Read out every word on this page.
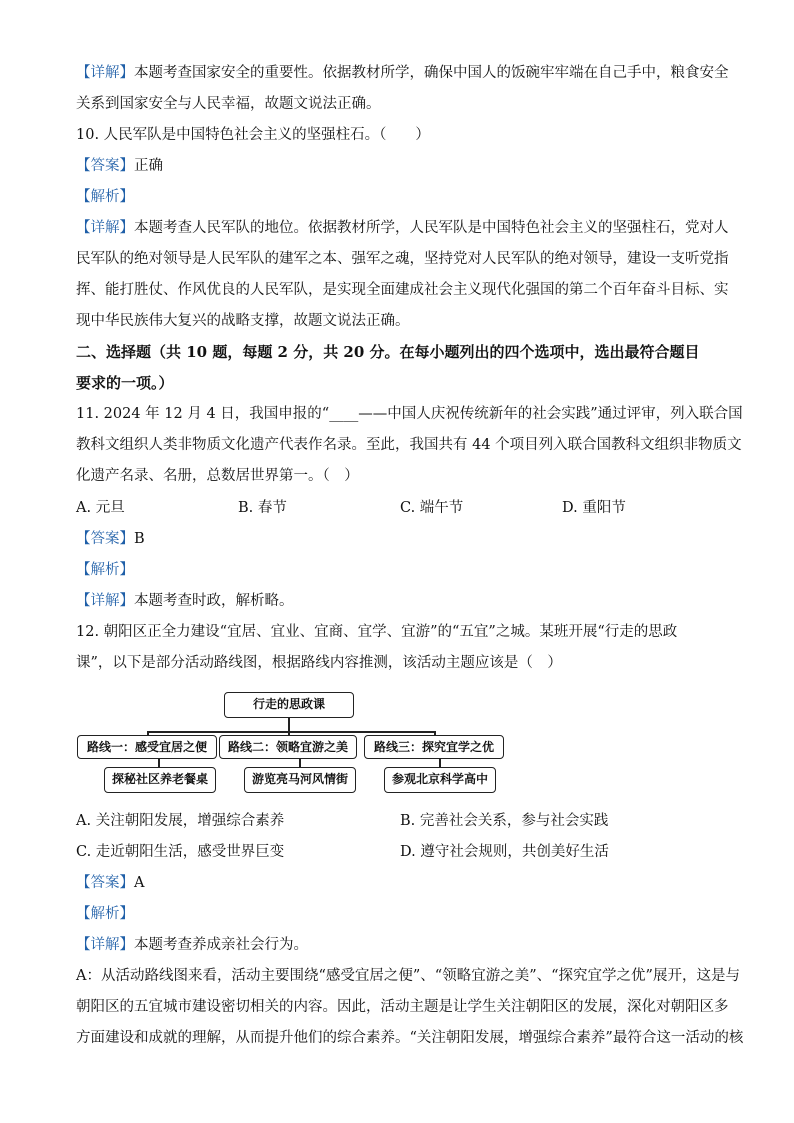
【详解】本题考查国家安全的重要性。依据教材所学，确保中国人的饭碗牢牢端在自己手中，粮食安全
关系到国家安全与人民幸福，故题文说法正确。
10. 人民军队是中国特色社会主义的坚强柱石。（　　）
【答案】正确
【解析】
【详解】本题考查人民军队的地位。依据教材所学，人民军队是中国特色社会主义的坚强柱石，党对人
民军队的绝对领导是人民军队的建军之本、强军之魂，坚持党对人民军队的绝对领导，建设一支听党指
挥、能打胜仗、作风优良的人民军队，是实现全面建成社会主义现代化强国的第二个百年奋斗目标、实
现中华民族伟大复兴的战略支撑，故题文说法正确。
二、选择题（共 10 题，每题 2 分，共 20 分。在每小题列出的四个选项中，选出最符合题目
要求的一项。）
11. 2024 年 12 月 4 日，我国申报的“____——中国人庆祝传统新年的社会实践”通过评审，列入联合国
教科文组织人类非物质文化遗产代表作名录。至此，我国共有 44 个项目列入联合国教科文组织非物质文
化遗产名录、名册，总数居世界第一。（　）
A. 元旦	B. 春节	C. 端午节	D. 重阳节
【答案】B
【解析】
【详解】本题考查时政，解析略。
12. 朝阳区正全力建设“宜居、宜业、宜商、宜学、宜游”的“五宜”之城。某班开展“行走的思政
课”，以下是部分活动路线图，根据路线内容推测，该活动主题应该是（　）
行走的思政课
路线一：感受宜居之便	路线二：领略宜游之美	路线三：探究宜学之优
探秘社区养老餐桌	游览亮马河风情街	参观北京科学高中
A. 关注朝阳发展，增强综合素养	B. 完善社会关系，参与社会实践
C. 走近朝阳生活，感受世界巨变	D. 遵守社会规则，共创美好生活
【答案】A
【解析】
【详解】本题考查养成亲社会行为。
A：从活动路线图来看，活动主要围绕“感受宜居之便”、“领略宜游之美”、“探究宜学之优”展开，这是与
朝阳区的五宜城市建设密切相关的内容。因此，活动主题是让学生关注朝阳区的发展，深化对朝阳区多
方面建设和成就的理解，从而提升他们的综合素养。“关注朝阳发展，增强综合素养”最符合这一活动的核
